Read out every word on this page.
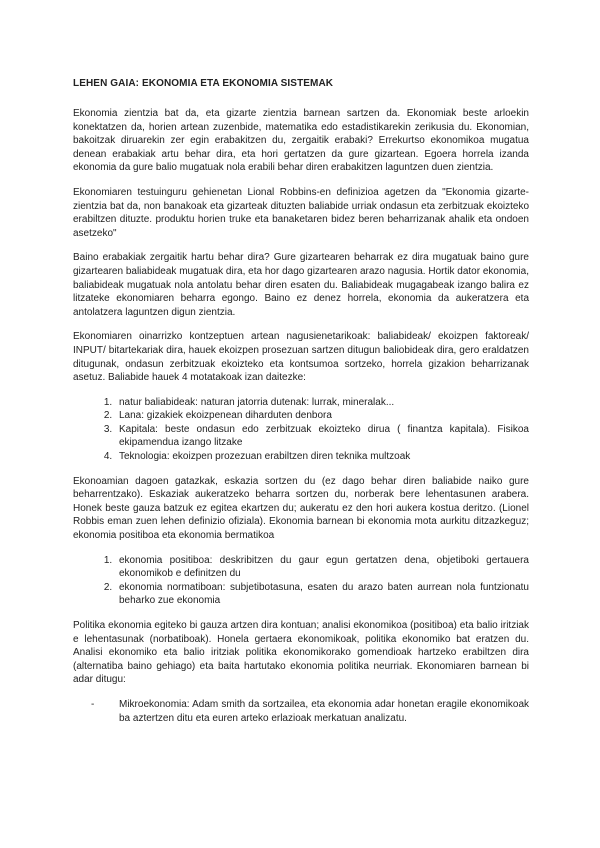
LEHEN GAIA: EKONOMIA ETA EKONOMIA SISTEMAK

Ekonomia zientzia bat da, eta gizarte zientzia barnean sartzen da. Ekonomiak beste arloekin konektatzen da, horien artean zuzenbide, matematika edo estadistikarekin zerikusia du. Ekonomian, bakoitzak diruarekin zer egin erabakitzen du, zergaitik erabaki? Errekurtso ekonomikoa mugatua denean erabakiak artu behar dira, eta hori gertatzen da gure gizartean. Egoera horrela izanda ekonomia da gure balio mugatuak nola erabili behar diren erabakitzen laguntzen duen zientzia.

Ekonomiaren testuinguru gehienetan Lional Robbins-en definizioa agetzen da "Ekonomia gizarte-zientzia bat da, non banakoak eta gizarteak dituzten baliabide urriak ondasun eta zerbitzuak ekoizteko erabiltzen dituzte. produktu horien truke eta banaketaren bidez beren beharrizanak ahalik eta ondoen asetzeko"

Baino erabakiak zergaitik hartu behar dira? Gure gizartearen beharrak ez dira mugatuak baino gure gizartearen baliabideak mugatuak dira, eta hor dago gizartearen arazo nagusia. Hortik dator ekonomia, baliabideak mugatuak nola antolatu behar diren esaten du. Baliabideak mugagabeak izango balira ez litzateke ekonomiaren beharra egongo. Baino ez denez horrela, ekonomia da aukeratzera eta antolatzera laguntzen digun zientzia.

Ekonomiaren oinarrizko kontzeptuen artean nagusienetarikoak: baliabideak/ ekoizpen faktoreak/ INPUT/ bitartekariak dira, hauek ekoizpen prosezuan sartzen ditugun baliobideak dira, gero eraldatzen ditugunak, ondasun zerbitzuak ekoizteko eta kontsumoa sortzeko, horrela gizakion beharrizanak asetuz. Baliabide hauek 4 motatakoak izan daitezke:

1. natur baliabideak: naturan jatorria dutenak: lurrak, mineralak...
2. Lana: gizakiek ekoizpenean diharduten denbora
3. Kapitala: beste ondasun edo zerbitzuak ekoizteko dirua ( finantza kapitala). Fisikoa ekipamendua izango litzake
4. Teknologia: ekoizpen prozezuan erabiltzen diren teknika multzoak

Ekonoamian dagoen gatazkak, eskazia sortzen du (ez dago behar diren baliabide naiko gure beharrentzako). Eskaziak aukeratzeko beharra sortzen du, norberak bere lehentasunen arabera. Honek beste gauza batzuk ez egitea ekartzen du; aukeratu ez den hori aukera kostua deritzo. (Lionel Robbis eman zuen lehen definizio ofiziala). Ekonomia barnean bi ekonomia mota aurkitu ditzazkeguz; ekonomia positiboa eta ekonomia bermatikoa

1. ekonomia positiboa: deskribitzen du gaur egun gertatzen dena, objetiboki gertauera ekonomikob e definitzen du
2. ekonomia normatiboan: subjetibotasuna, esaten du arazo baten aurrean nola funtzionatu beharko zue ekonomia

Politika ekonomia egiteko bi gauza artzen dira kontuan; analisi ekonomikoa (positiboa) eta balio iritziak e lehentasunak (norbatiboak). Honela gertaera ekonomikoak, politika ekonomiko bat eratzen du. Analisi ekonomiko eta balio iritziak politika ekonomikorako gomendioak hartzeko erabiltzen dira (alternatiba baino gehiago) eta baita hartutako ekonomia politika neurriak. Ekonomiaren barnean bi adar ditugu:

- Mikroekonomia: Adam smith da sortzailea, eta ekonomia adar honetan eragile ekonomikoak ba aztertzen ditu eta euren arteko erlazioak merkatuan analizatu.
